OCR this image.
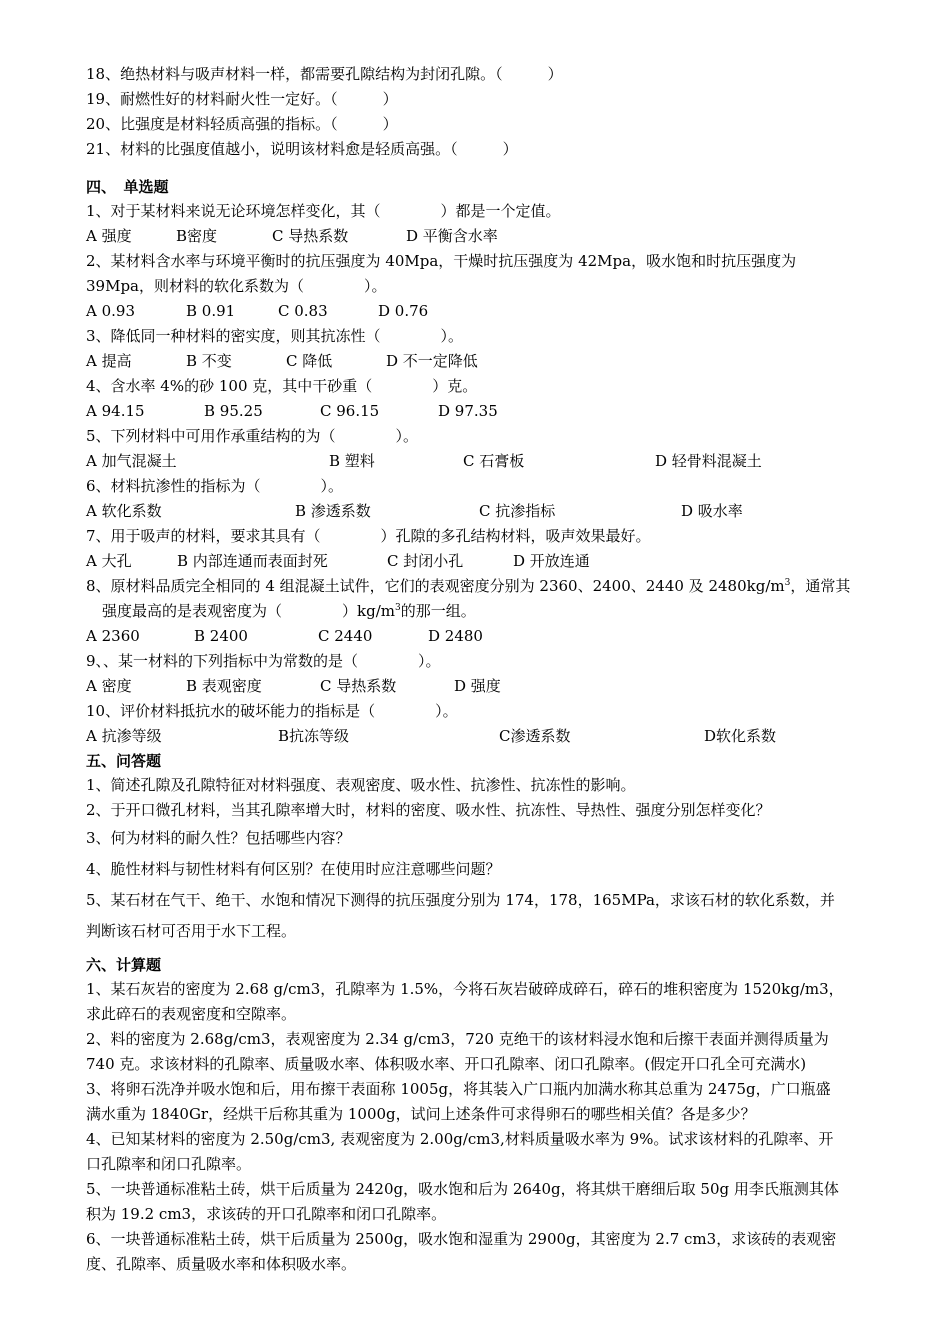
18、绝热材料与吸声材料一样，都需要孔隙结构为封闭孔隙。（　　　）
19、耐燃性好的材料耐火性一定好。（　　　）
20、比强度是材料轻质高强的指标。（　　　）
21、材料的比强度值越小，说明该材料愈是轻质高强。（　　　）
四、　单选题
1、对于某材料来说无论环境怎样变化，其（　　　　）都是一个定值。
A 强度	B密度	C 导热系数	D 平衡含水率
2、某材料含水率与环境平衡时的抗压强度为 40Mpa，干燥时抗压强度为 42Mpa，吸水饱和时抗压强度为
39Mpa，则材料的软化系数为（　　　　）。
A 0.93	B 0.91	C 0.83	D 0.76
3、降低同一种材料的密实度，则其抗冻性（　　　　）。
A 提高	B 不变	C 降低	D 不一定降低
4、含水率 4%的砂 100 克，其中干砂重（　　　　）克。
A 94.15	B 95.25	C 96.15	D 97.35
5、下列材料中可用作承重结构的为（　　　　）。
A 加气混凝土	B 塑料	C 石膏板	D 轻骨料混凝土
6、材料抗渗性的指标为（　　　　）。
A 软化系数	B 渗透系数	C 抗渗指标	D 吸水率
7、用于吸声的材料，要求其具有（　　　　）孔隙的多孔结构材料，吸声效果最好。
A 大孔	B 内部连通而表面封死	C 封闭小孔	D 开放连通
8、原材料品质完全相同的 4 组混凝土试件，它们的表观密度分别为 2360、2400、2440 及 $2480kg/m^3$，通常其
强度最高的是表观密度为（　　　　）$kg/m^3$的那一组。
A 2360	B 2400	C 2440	D 2480
9、、某一材料的下列指标中为常数的是（　　　　）。
A 密度	B 表观密度	C 导热系数	D 强度
10、评价材料抵抗水的破坏能力的指标是（　　　　）。
A 抗渗等级	B抗冻等级	C渗透系数	D软化系数
五、问答题
1、简述孔隙及孔隙特征对材料强度、表观密度、吸水性、抗渗性、抗冻性的影响。
2、于开口微孔材料，当其孔隙率增大时，材料的密度、吸水性、抗冻性、导热性、强度分别怎样变化？
3、何为材料的耐久性？包括哪些内容？
4、脆性材料与韧性材料有何区别？在使用时应注意哪些问题？
5、某石材在气干、绝干、水饱和情况下测得的抗压强度分别为 174，178，165MPa，求该石材的软化系数，并
判断该石材可否用于水下工程。
六、计算题
1、某石灰岩的密度为 2.68 g/cm3，孔隙率为 1.5%，今将石灰岩破碎成碎石，碎石的堆积密度为 1520kg/m3，
求此碎石的表观密度和空隙率。
2、料的密度为 2.68g/cm3，表观密度为 2.34 g/cm3，720 克绝干的该材料浸水饱和后擦干表面并测得质量为
740 克。求该材料的孔隙率、质量吸水率、体积吸水率、开口孔隙率、闭口孔隙率。(假定开口孔全可充满水)
3、将卵石洗净并吸水饱和后，用布擦干表面称 1005g，将其装入广口瓶内加满水称其总重为 2475g，广口瓶盛
满水重为 1840Gr，经烘干后称其重为 1000g，试问上述条件可求得卵石的哪些相关值？各是多少？
4、已知某材料的密度为 2.50g/cm3, 表观密度为 2.00g/cm3,材料质量吸水率为 9%。试求该材料的孔隙率、开
口孔隙率和闭口孔隙率。
5、一块普通标准粘土砖，烘干后质量为 2420g，吸水饱和后为 2640g，将其烘干磨细后取 50g 用李氏瓶测其体
积为 19.2 cm3，求该砖的开口孔隙率和闭口孔隙率。
6、一块普通标准粘土砖，烘干后质量为 2500g，吸水饱和湿重为 2900g，其密度为 2.7 cm3，求该砖的表观密
度、孔隙率、质量吸水率和体积吸水率。
